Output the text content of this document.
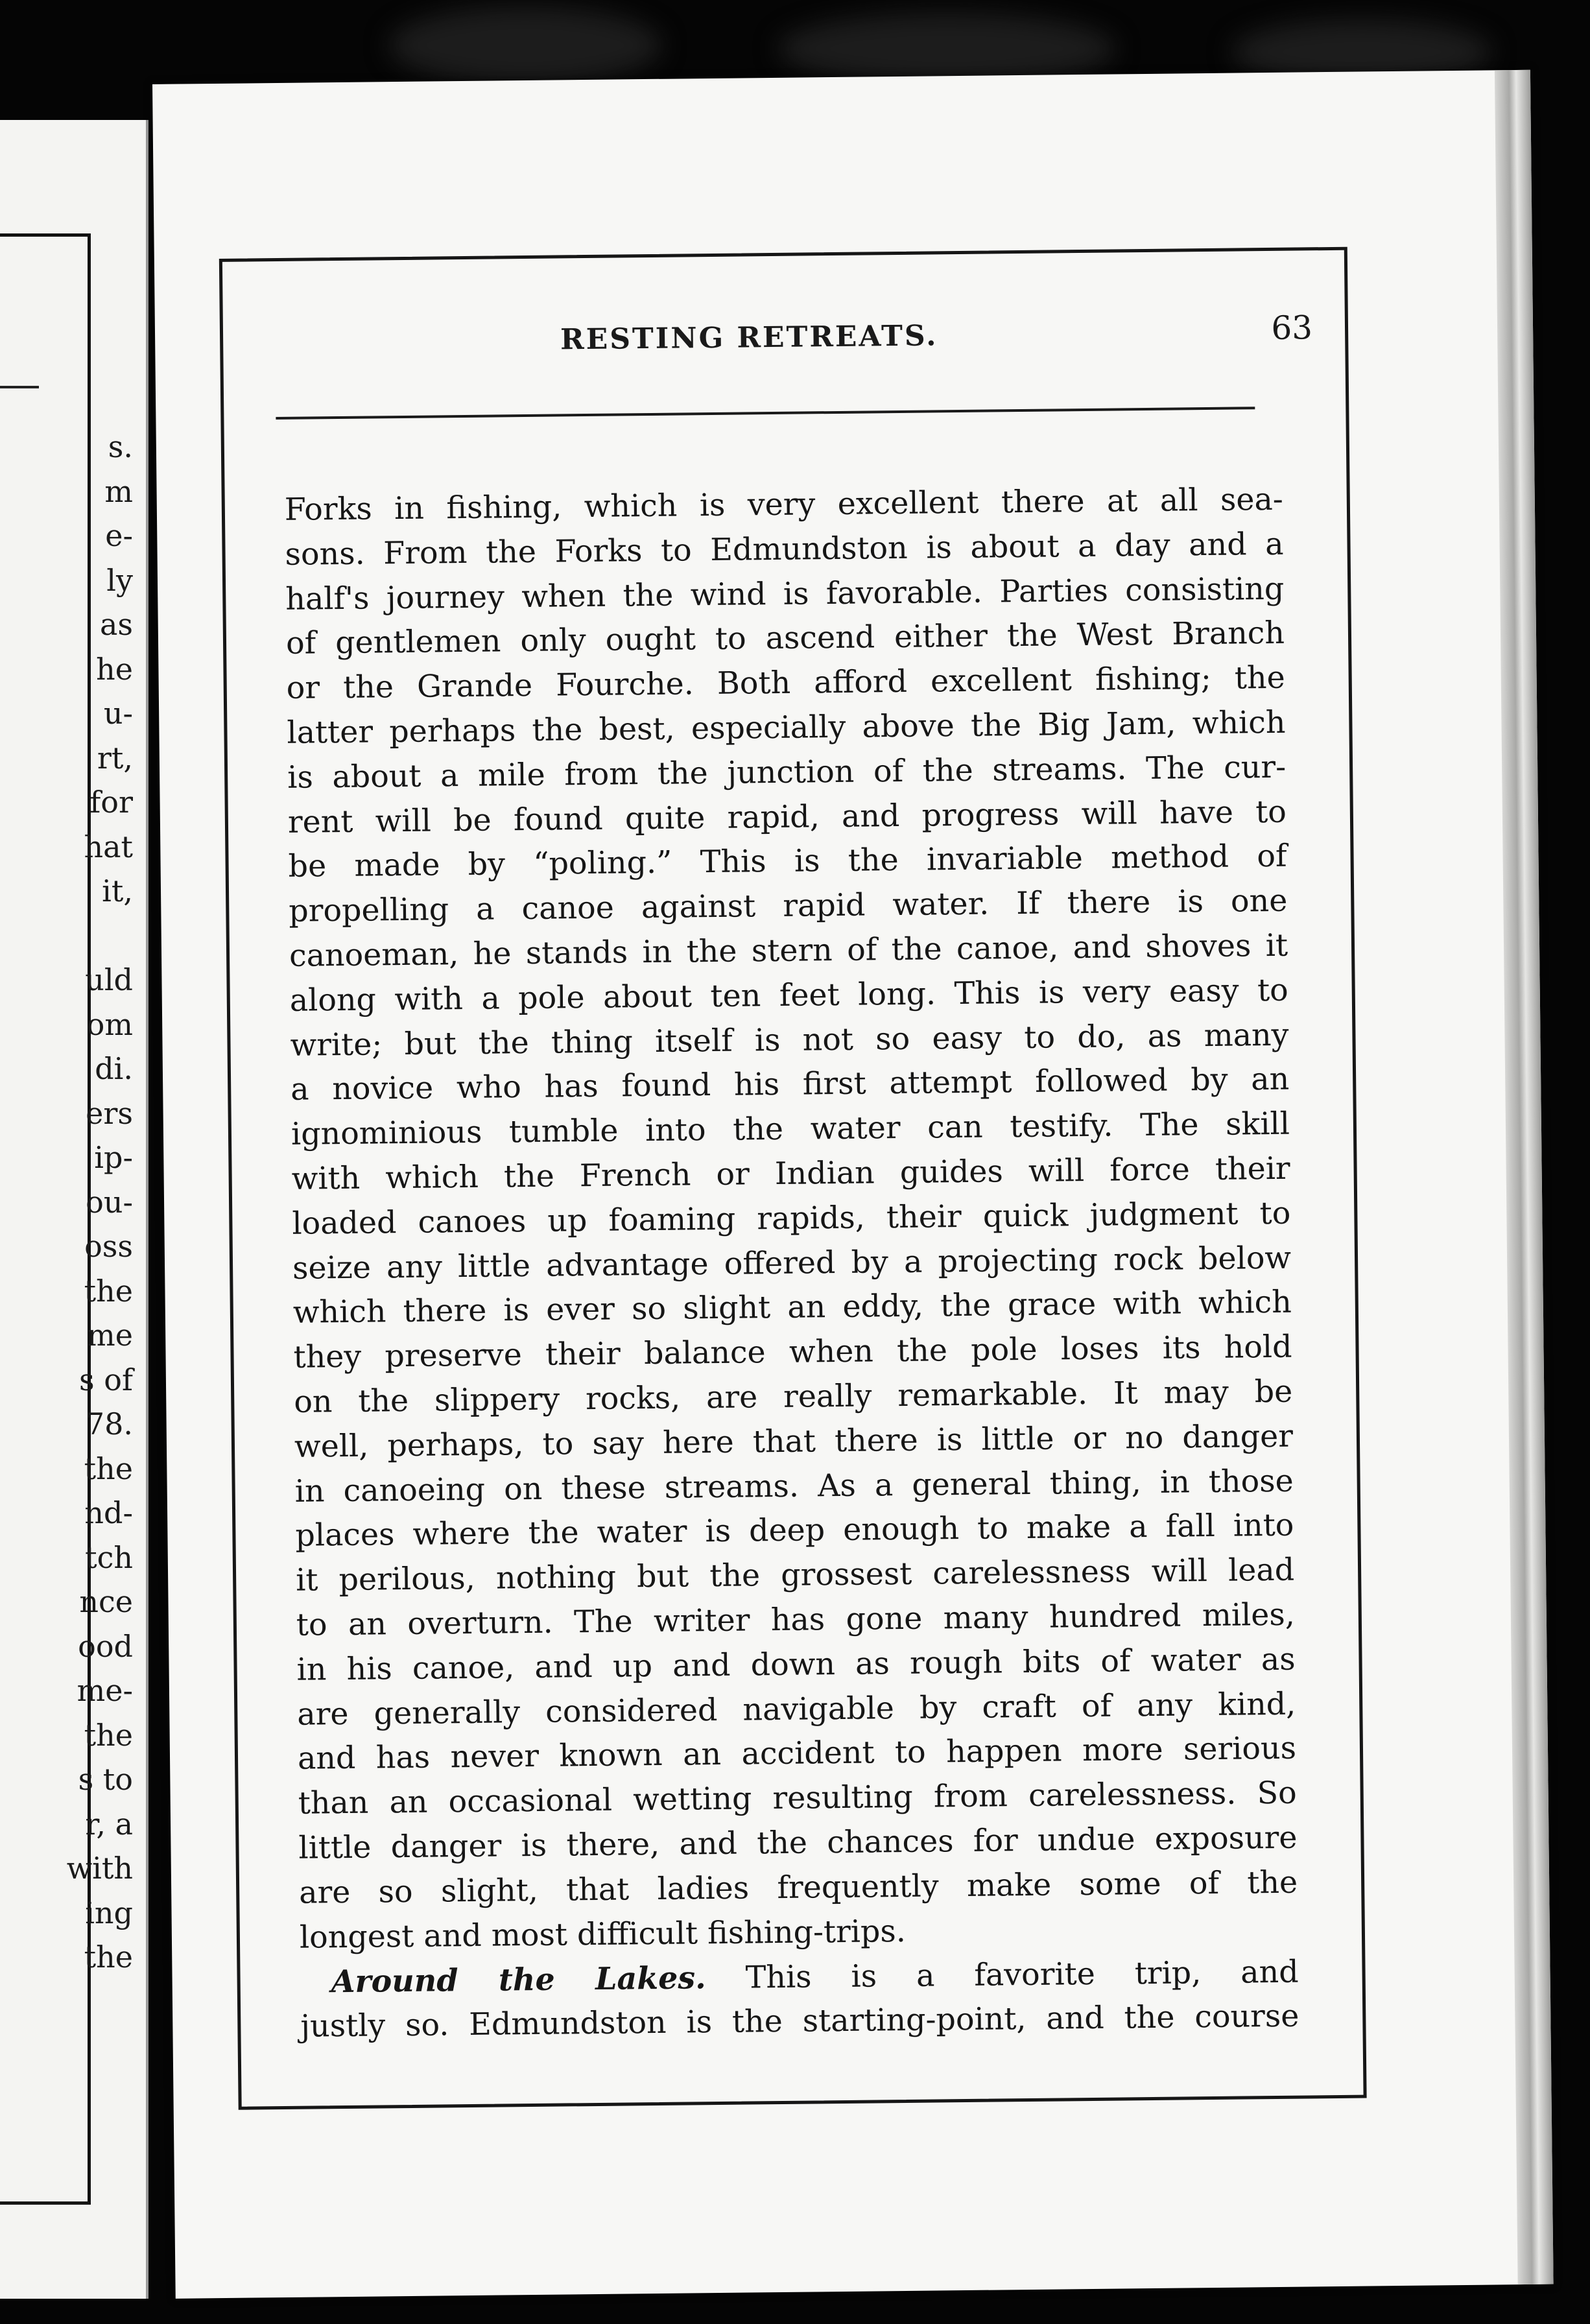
s.
m
e-
ly
as
he
u-
rt,
for
hat
it,

uld
om
di.
ers
ip-
ou-
oss
the
me
s of
78.
the
nd-
tch
nce
ood
me-
the
s to
r, a
with
ing
the
RESTING RETREATS.	63
Forks in fishing, which is very excellent there at all sea-
sons. From the Forks to Edmundston is about a day and a
half's journey when the wind is favorable. Parties consisting
of gentlemen only ought to ascend either the West Branch
or the Grande Fourche. Both afford excellent fishing; the
latter perhaps the best, especially above the Big Jam, which
is about a mile from the junction of the streams. The cur-
rent will be found quite rapid, and progress will have to
be made by “poling.” This is the invariable method of
propelling a canoe against rapid water. If there is one
canoeman, he stands in the stern of the canoe, and shoves it
along with a pole about ten feet long. This is very easy to
write; but the thing itself is not so easy to do, as many
a novice who has found his first attempt followed by an
ignominious tumble into the water can testify. The skill
with which the French or Indian guides will force their
loaded canoes up foaming rapids, their quick judgment to
seize any little advantage offered by a projecting rock below
which there is ever so slight an eddy, the grace with which
they preserve their balance when the pole loses its hold
on the slippery rocks, are really remarkable. It may be
well, perhaps, to say here that there is little or no danger
in canoeing on these streams. As a general thing, in those
places where the water is deep enough to make a fall into
it perilous, nothing but the grossest carelessness will lead
to an overturn. The writer has gone many hundred miles,
in his canoe, and up and down as rough bits of water as
are generally considered navigable by craft of any kind,
and has never known an accident to happen more serious
than an occasional wetting resulting from carelessness. So
little danger is there, and the chances for undue exposure
are so slight, that ladies frequently make some of the
longest and most difficult fishing-trips.
Around the Lakes. This is a favorite trip, and
justly so. Edmundston is the starting-point, and the course
